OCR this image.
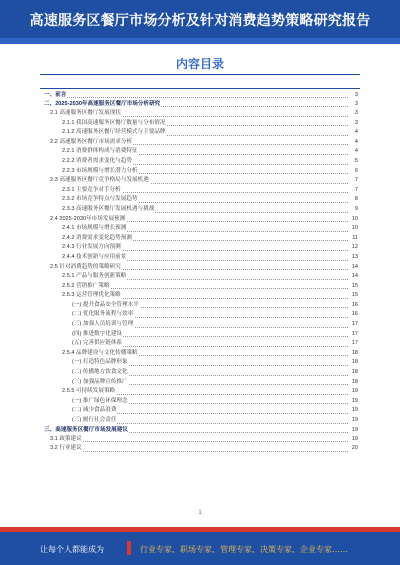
高速服务区餐厅市场分析及针对消费趋势策略研究报告
内容目录
一、前言	3
二、2025-2030年高速服务区餐厅市场分析研究	3
2.1 高速服务区餐厅发展现状	3
2.1.1 我国高速服务区餐厅数量与分布情况	3
2.1.2 高速服务区餐厅经营模式与主要品牌	4
2.2 高速服务区餐厅市场需求分析	4
2.2.1 消费群体构成与消费特征	4
2.2.2 消费者需求变化与趋势	5
2.2.3 市场规模与增长潜力分析	6
2.3 高速服务区餐厅竞争格局与发展机遇	7
2.3.1 主要竞争对手分析	7
2.3.2 市场竞争特点与发展趋势	8
2.3.3 高速服务区餐厅发展机遇与挑战	9
2.4 2025-2030年市场发展预测	10
2.4.1 市场规模与增长预测	10
2.4.2 消费需求变化趋势预测	11
2.4.3 行业发展方向预测	12
2.4.4 技术创新与应用前景	13
2.5 针对消费趋势的策略研究	14
2.5.1 产品与服务创新策略	14
2.5.2 营销推广策略	15
2.5.3 运营管理优化策略	15
(一) 提升食品安全管理水平	16
(二) 优化服务流程与效率	16
(三) 加强人员培训与管理	17
(四) 推进数字化建设	17
(五) 完善供应链体系	17
2.5.4 品牌建设与文化传播策略	18
(一) 打造特色品牌形象	18
(二) 传播地方饮食文化	18
(三) 加强品牌宣传推广	18
2.5.5 可持续发展策略	19
(一) 推广绿色环保理念	19
(二) 减少食品浪费	19
(三) 履行社会责任	19
三、高速服务区餐厅市场发展建议	19
3.1 政策建议	19
3.2 行业建议	20
1
让每个人都能成为	行业专家、职场专家、管理专家、决策专家、企业专家……
